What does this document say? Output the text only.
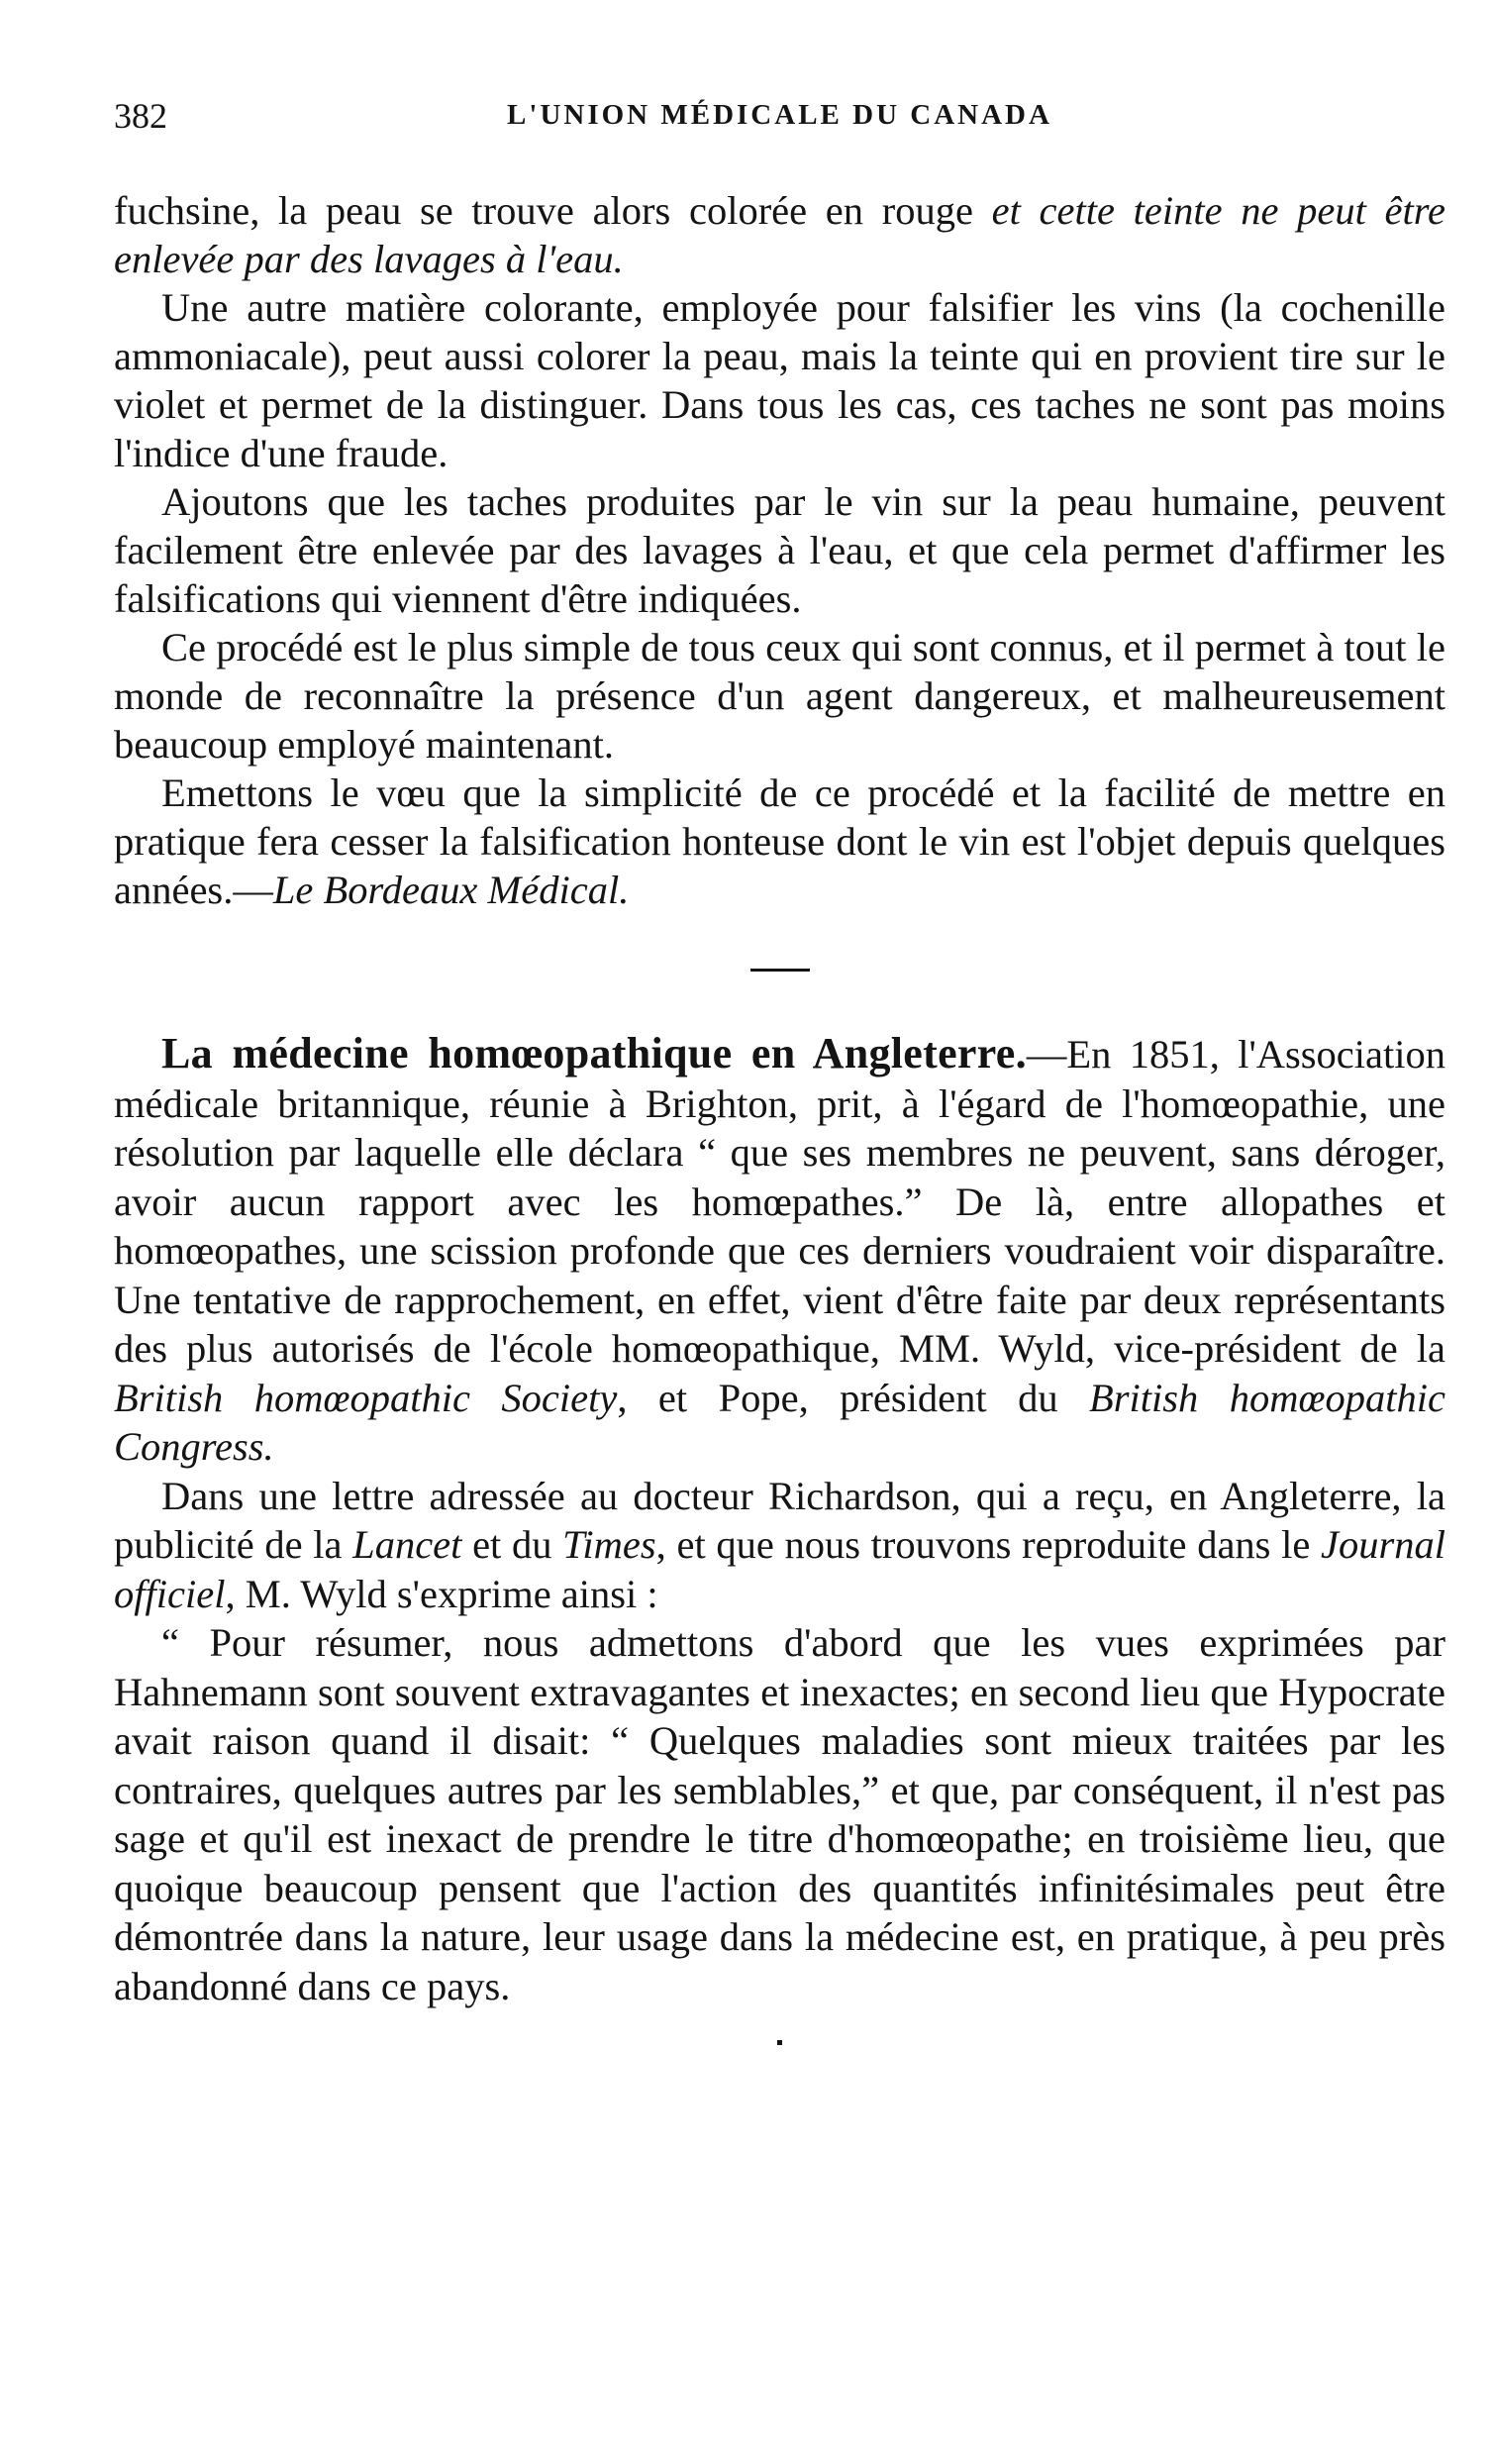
382	L'UNION MÉDICALE DU CANADA

fuchsine, la peau se trouve alors colorée en rouge et cette teinte ne peut être enlevée par des lavages à l'eau.

Une autre matière colorante, employée pour falsifier les vins (la cochenille ammoniacale), peut aussi colorer la peau, mais la teinte qui en provient tire sur le violet et permet de la distinguer. Dans tous les cas, ces taches ne sont pas moins l'indice d'une fraude.

Ajoutons que les taches produites par le vin sur la peau humaine, peuvent facilement être enlevée par des lavages à l'eau, et que cela permet d'affirmer les falsifications qui viennent d'être indiquées.

Ce procédé est le plus simple de tous ceux qui sont connus, et il permet à tout le monde de reconnaître la présence d'un agent dangereux, et malheureusement beaucoup employé maintenant.

Emettons le vœu que la simplicité de ce procédé et la facilité de mettre en pratique fera cesser la falsification honteuse dont le vin est l'objet depuis quelques années.—Le Bordeaux Médical.

La médecine homœopathique en Angleterre.—En 1851, l'Association médicale britannique, réunie à Brighton, prit, à l'égard de l'homœopathie, une résolution par laquelle elle déclara “ que ses membres ne peuvent, sans déroger, avoir aucun rapport avec les homœpathes.” De là, entre allopathes et homœopathes, une scission profonde que ces derniers voudraient voir disparaître. Une tentative de rapprochement, en effet, vient d'être faite par deux représentants des plus autorisés de l'école homœopathique, MM. Wyld, vice-président de la British homœopathic Society, et Pope, président du British homœopathic Congress.

Dans une lettre adressée au docteur Richardson, qui a reçu, en Angleterre, la publicité de la Lancet et du Times, et que nous trouvons reproduite dans le Journal officiel, M. Wyld s'exprime ainsi :

“ Pour résumer, nous admettons d'abord que les vues exprimées par Hahnemann sont souvent extravagantes et inexactes; en second lieu que Hypocrate avait raison quand il disait: “ Quelques maladies sont mieux traitées par les contraires, quelques autres par les semblables,” et que, par conséquent, il n'est pas sage et qu'il est inexact de prendre le titre d'homœopathe; en troisième lieu, que quoique beaucoup pensent que l'action des quantités infinitésimales peut être démontrée dans la nature, leur usage dans la médecine est, en pratique, à peu près abandonné dans ce pays.
